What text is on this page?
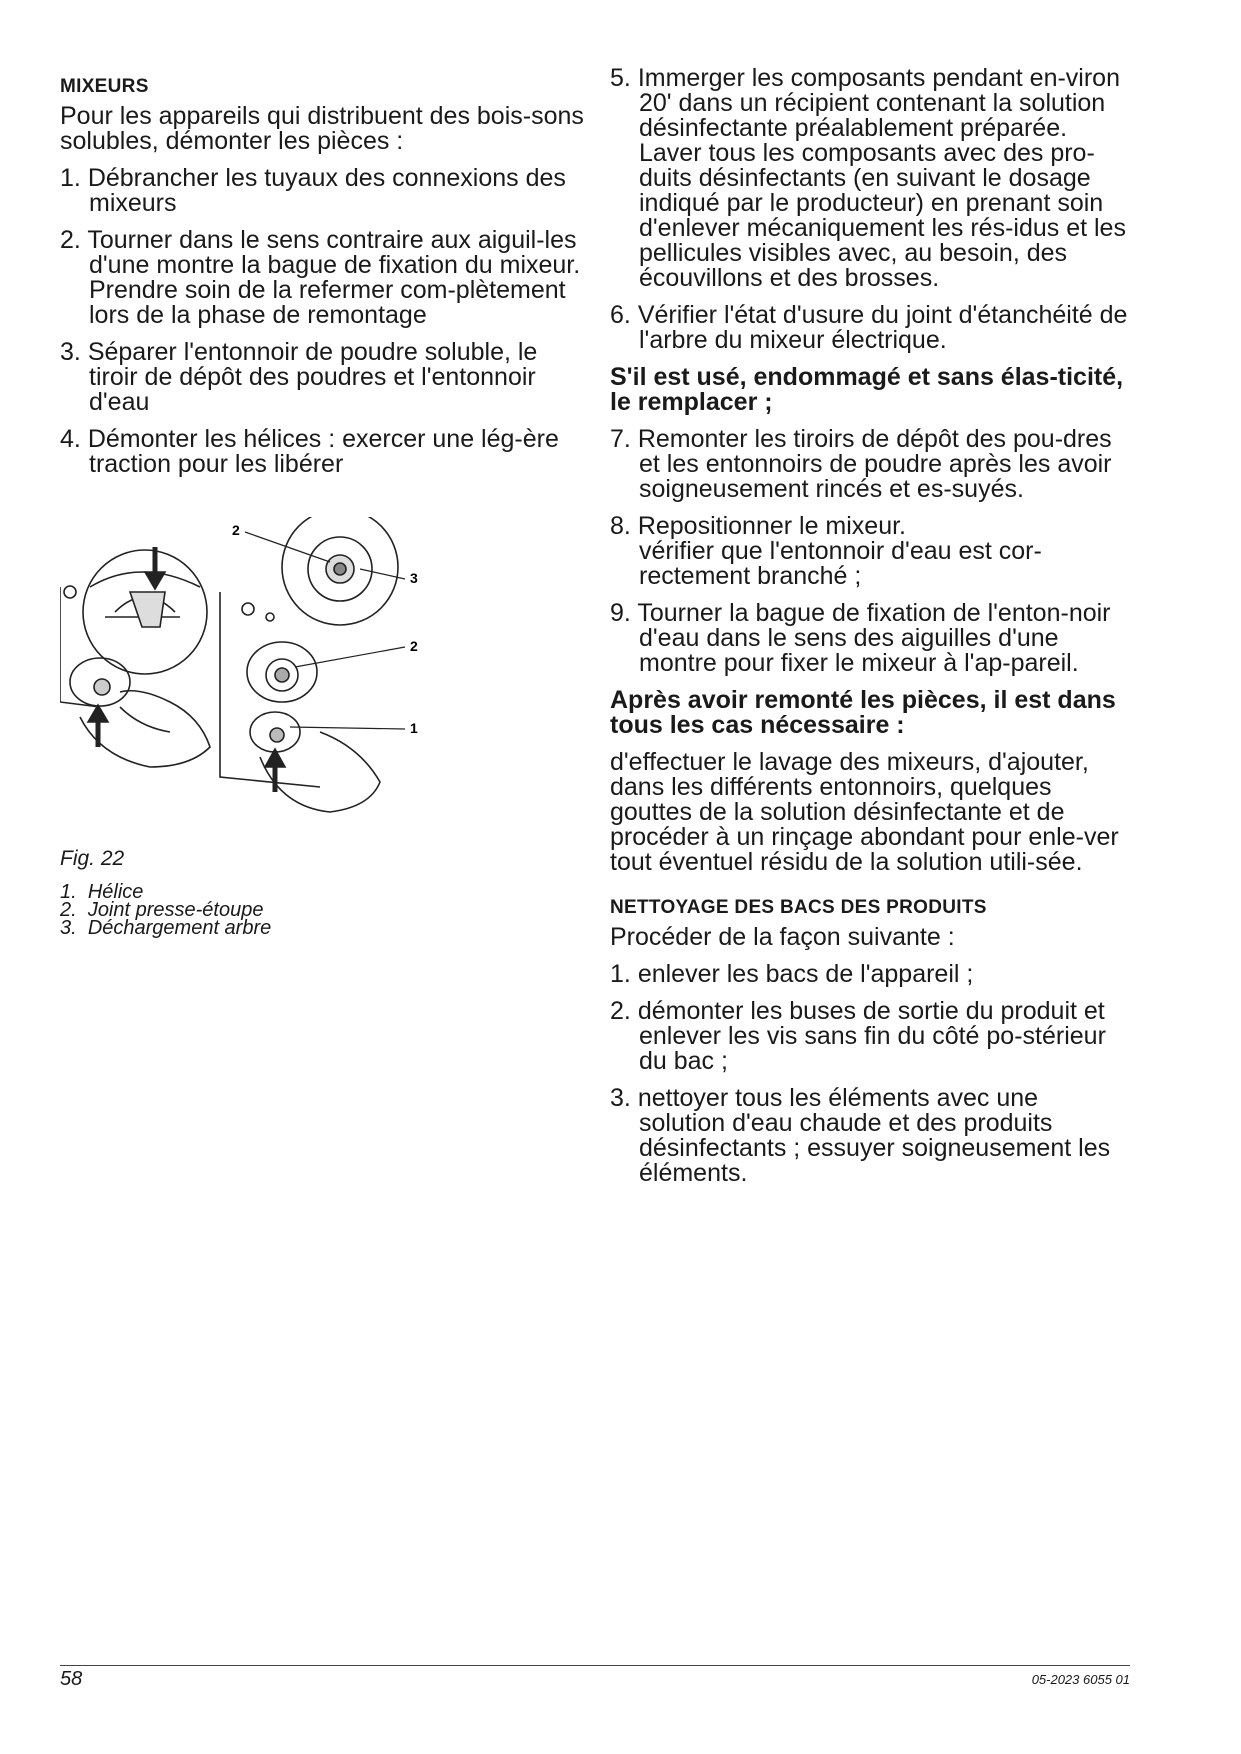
MIXEURS

Pour les appareils qui distribuent des bois-sons solubles, démonter les pièces :

1. Débrancher les tuyaux des connexions des mixeurs
2. Tourner dans le sens contraire aux aiguil-les d'une montre la bague de fixation du mixeur. Prendre soin de la refermer com-plètement lors de la phase de remontage
3. Séparer l'entonnoir de poudre soluble, le tiroir de dépôt des poudres et l'entonnoir d'eau
4. Démonter les hélices : exercer une lég-ère traction pour les libérer
2
3
2
1
Fig. 22
1. Hélice
2. Joint presse-étoupe
3. Déchargement arbre
5. Immerger les composants pendant en-viron 20' dans un récipient contenant la solution désinfectante préalablement préparée.
Laver tous les composants avec des pro-duits désinfectants (en suivant le dosage indiqué par le producteur) en prenant soin d'enlever mécaniquement les rés-idus et les pellicules visibles avec, au besoin, des écouvillons et des brosses.
6. Vérifier l'état d'usure du joint d'étanchéité de l'arbre du mixeur électrique.
S'il est usé, endommagé et sans élas-ticité, le remplacer ;
7. Remonter les tiroirs de dépôt des pou-dres et les entonnoirs de poudre après les avoir soigneusement rincés et es-suyés.
8. Repositionner le mixeur.
vérifier que l'entonnoir d'eau est cor-rectement branché ;
9. Tourner la bague de fixation de l'enton-noir d'eau dans le sens des aiguilles d'une montre pour fixer le mixeur à l'ap-pareil.
Après avoir remonté les pièces, il est dans tous les cas nécessaire :

d'effectuer le lavage des mixeurs, d'ajouter, dans les différents entonnoirs, quelques gouttes de la solution désinfectante et de procéder à un rinçage abondant pour enle-ver tout éventuel résidu de la solution utili-sée.

NETTOYAGE DES BACS DES PRODUITS

Procéder de la façon suivante :

1. enlever les bacs de l'appareil ;
2. démonter les buses de sortie du produit et enlever les vis sans fin du côté po-stérieur du bac ;
3. nettoyer tous les éléments avec une solution d'eau chaude et des produits désinfectants ; essuyer soigneusement les éléments.
58	05-2023 6055 01
